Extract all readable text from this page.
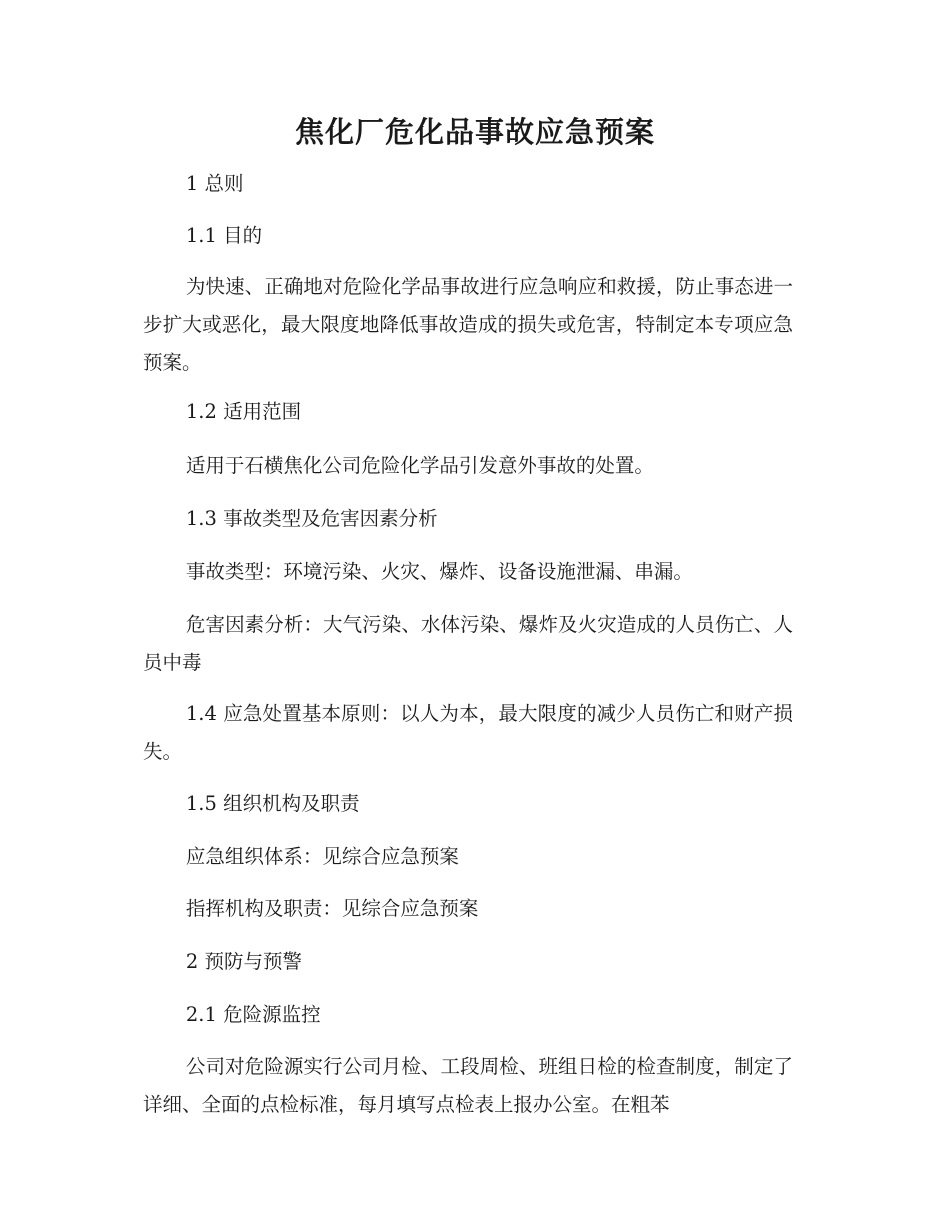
焦化厂危化品事故应急预案

1 总则

1.1 目的

为快速、正确地对危险化学品事故进行应急响应和救援，防止事态进一步扩大或恶化，最大限度地降低事故造成的损失或危害，特制定本专项应急预案。

1.2 适用范围

适用于石横焦化公司危险化学品引发意外事故的处置。

1.3 事故类型及危害因素分析

事故类型：环境污染、火灾、爆炸、设备设施泄漏、串漏。

危害因素分析：大气污染、水体污染、爆炸及火灾造成的人员伤亡、人员中毒

1.4 应急处置基本原则：以人为本，最大限度的减少人员伤亡和财产损失。

1.5 组织机构及职责

应急组织体系：见综合应急预案

指挥机构及职责：见综合应急预案

2 预防与预警

2.1 危险源监控

公司对危险源实行公司月检、工段周检、班组日检的检查制度，制定了详细、全面的点检标准，每月填写点检表上报办公室。在粗苯
